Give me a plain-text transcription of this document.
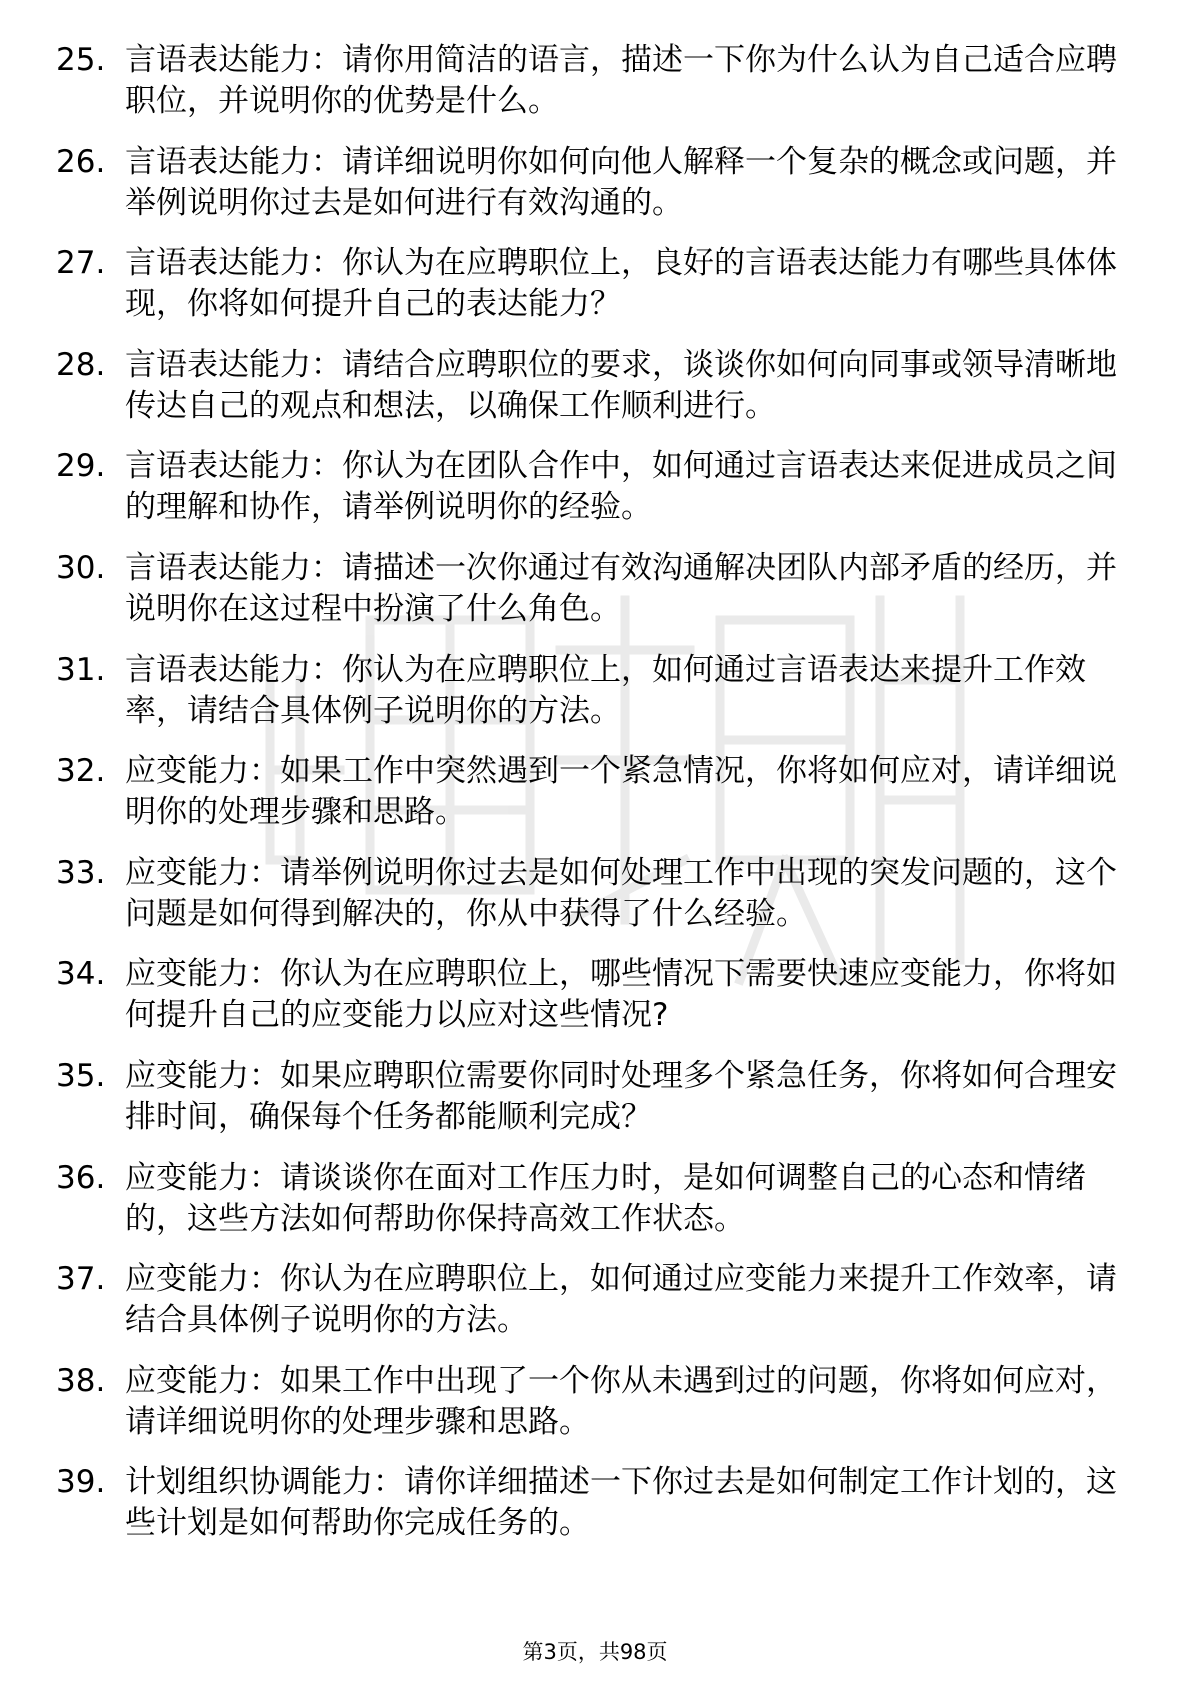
25. 言语表达能力：请你用简洁的语言，描述一下你为什么认为自己适合应聘职位，并说明你的优势是什么。
26. 言语表达能力：请详细说明你如何向他人解释一个复杂的概念或问题，并举例说明你过去是如何进行有效沟通的。
27. 言语表达能力：你认为在应聘职位上，良好的言语表达能力有哪些具体体现，你将如何提升自己的表达能力？
28. 言语表达能力：请结合应聘职位的要求，谈谈你如何向同事或领导清晰地传达自己的观点和想法，以确保工作顺利进行。
29. 言语表达能力：你认为在团队合作中，如何通过言语表达来促进成员之间的理解和协作，请举例说明你的经验。
30. 言语表达能力：请描述一次你通过有效沟通解决团队内部矛盾的经历，并说明你在这过程中扮演了什么角色。
31. 言语表达能力：你认为在应聘职位上，如何通过言语表达来提升工作效率，请结合具体例子说明你的方法。
32. 应变能力：如果工作中突然遇到一个紧急情况，你将如何应对，请详细说明你的处理步骤和思路。
33. 应变能力：请举例说明你过去是如何处理工作中出现的突发问题的，这个问题是如何得到解决的，你从中获得了什么经验。
34. 应变能力：你认为在应聘职位上，哪些情况下需要快速应变能力，你将如何提升自己的应变能力以应对这些情况?
35. 应变能力：如果应聘职位需要你同时处理多个紧急任务，你将如何合理安排时间，确保每个任务都能顺利完成？
36. 应变能力：请谈谈你在面对工作压力时，是如何调整自己的心态和情绪的，这些方法如何帮助你保持高效工作状态。
37. 应变能力：你认为在应聘职位上，如何通过应变能力来提升工作效率，请结合具体例子说明你的方法。
38. 应变能力：如果工作中出现了一个你从未遇到过的问题，你将如何应对，请详细说明你的处理步骤和思路。
39. 计划组织协调能力：请你详细描述一下你过去是如何制定工作计划的，这些计划是如何帮助你完成任务的。
第3页，共98页
